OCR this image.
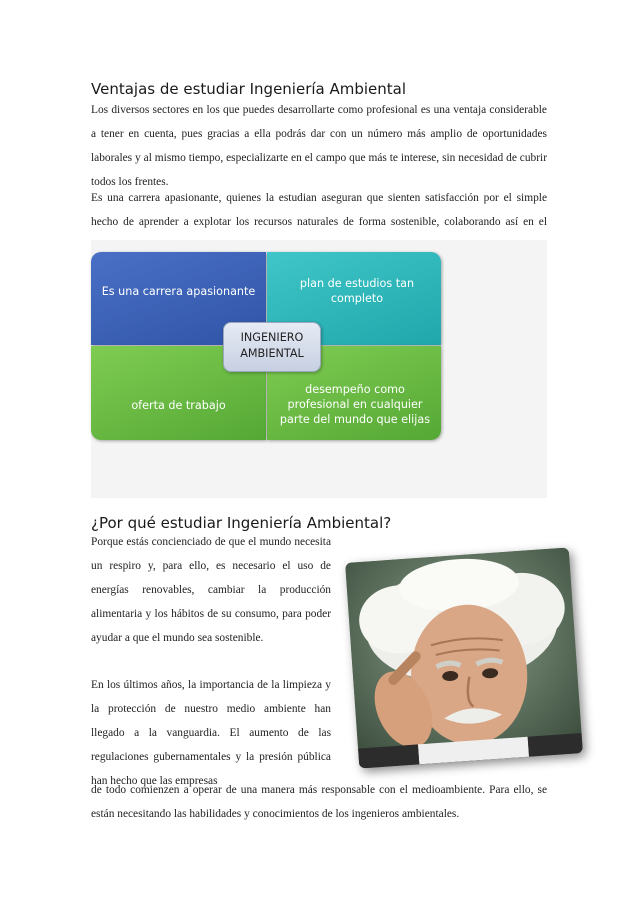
Ventajas de estudiar Ingeniería Ambiental

Los diversos sectores en los que puedes desarrollarte como profesional es una ventaja considerable a tener en cuenta, pues gracias a ella podrás dar con un número más amplio de oportunidades laborales y al mismo tiempo, especializarte en el campo que más te interese, sin necesidad de cubrir todos los frentes.

Es una carrera apasionante, quienes la estudian aseguran que sienten satisfacción por el simple hecho de aprender a explotar los recursos naturales de forma sostenible, colaborando así en el

Es una carrera apasionante
plan de estudios tan completo
oferta de trabajo
desempeño como profesional en cualquier parte del mundo que elijas
INGENIERO
AMBIENTAL
¿Por qué estudiar Ingeniería Ambiental?

Porque estás concienciado de que el mundo necesita un respiro y, para ello, es necesario el uso de energías renovables, cambiar la producción alimentaria y los hábitos de su consumo, para poder ayudar a que el mundo sea sostenible.

En los últimos años, la importancia de la limpieza y la protección de nuestro medio ambiente han llegado a la vanguardia. El aumento de las regulaciones gubernamentales y la presión pública han hecho que las empresas

de todo comienzen a operar de una manera más responsable con el medioambiente. Para ello, se están necesitando las habilidades y conocimientos de los ingenieros ambientales.
